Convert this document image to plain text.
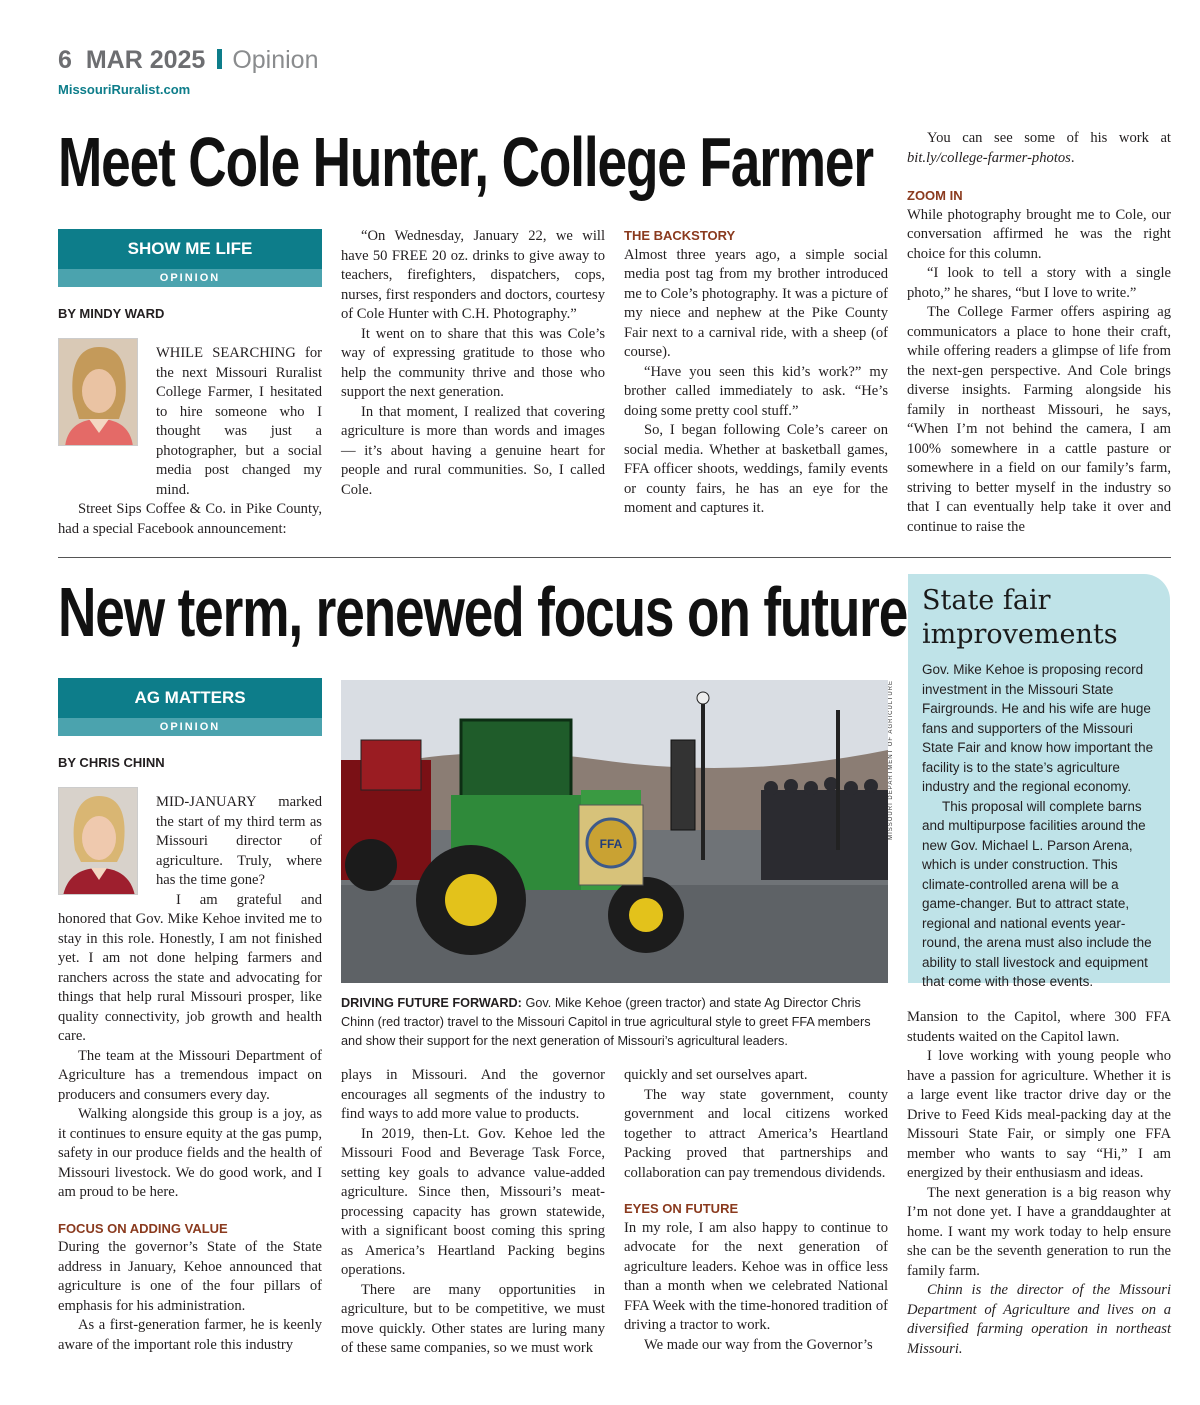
6 MAR 2025 Opinion
MissouriRuralist.com
Meet Cole Hunter, College Farmer
SHOW ME LIFE
OPINION
BY MINDY WARD

WHILE SEARCHING for the next Missouri Ruralist College Farmer, I hesitated to hire someone who I thought was just a photographer, but a social media post changed my mind.

Street Sips Coffee & Co. in Pike County, had a special Facebook announcement:

“On Wednesday, January 22, we will have 50 FREE 20 oz. drinks to give away to teachers, firefighters, dispatchers, cops, nurses, first responders and doctors, courtesy of Cole Hunter with C.H. Photography.”

It went on to share that this was Cole’s way of expressing gratitude to those who help the community thrive and those who support the next generation.

In that moment, I realized that covering agriculture is more than words and images — it’s about having a genuine heart for people and rural communities. So, I called Cole.

THE BACKSTORY

Almost three years ago, a simple social media post tag from my brother introduced me to Cole’s photography. It was a picture of my niece and nephew at the Pike County Fair next to a carnival ride, with a sheep (of course).

“Have you seen this kid’s work?” my brother called immediately to ask. “He’s doing some pretty cool stuff.”

So, I began following Cole’s career on social media. Whether at basketball games, FFA officer shoots, weddings, family events or county fairs, he has an eye for the moment and captures it.

You can see some of his work at bit.ly/college-farmer-photos.

ZOOM IN

While photography brought me to Cole, our conversation affirmed he was the right choice for this column.

“I look to tell a story with a single photo,” he shares, “but I love to write.”

The College Farmer offers aspiring ag communicators a place to hone their craft, while offering readers a glimpse of life from the next-gen perspective. And Cole brings diverse insights. Farming alongside his family in northeast Missouri, he says, “When I’m not behind the camera, I am 100% somewhere in a cattle pasture or somewhere in a field on our family’s farm, striving to better myself in the industry so that I can eventually help take it over and continue to raise the

New term, renewed focus on future State fair improvements

Gov. Mike Kehoe is proposing record investment in the Missouri State Fairgrounds. He and his wife are huge fans and supporters of the Missouri State Fair and know how important the facility is to the state’s agriculture industry and the regional economy.

This proposal will complete barns and multipurpose facilities around the new Gov. Michael L. Parson Arena, which is under construction. This climate-controlled arena will be a game-changer. But to attract state, regional and national events year-round, the arena must also include the ability to stall livestock and equipment that come with those events.

AG MATTERS
OPINION
BY CHRIS CHINN

MID-JANUARY marked the start of my third term as Missouri director of agriculture. Truly, where has the time gone?

I am grateful and honored that Gov. Mike Kehoe invited me to stay in this role. Honestly, I am not finished yet. I am not done helping farmers and ranchers across the state and advocating for things that help rural Missouri prosper, like quality connectivity, job growth and health care.

The team at the Missouri Department of Agriculture has a tremendous impact on producers and consumers every day.

Walking alongside this group is a joy, as it continues to ensure equity at the gas pump, safety in our produce fields and the health of Missouri livestock. We do good work, and I am proud to be here.

FOCUS ON ADDING VALUE

During the governor’s State of the State address in January, Kehoe announced that agriculture is one of the four pillars of emphasis for his administration.

As a first-generation farmer, he is keenly aware of the important role this industry

FFA
MISSOURI DEPARTMENT OF AGRICULTURE
DRIVING FUTURE FORWARD: Gov. Mike Kehoe (green tractor) and state Ag Director Chris Chinn (red tractor) travel to the Missouri Capitol in true agricultural style to greet FFA members and show their support for the next generation of Missouri’s agricultural leaders.

plays in Missouri. And the governor encourages all segments of the industry to find ways to add more value to products.

In 2019, then-Lt. Gov. Kehoe led the Missouri Food and Beverage Task Force, setting key goals to advance value-added agriculture. Since then, Missouri’s meat-processing capacity has grown statewide, with a significant boost coming this spring as America’s Heartland Packing begins operations.

There are many opportunities in agriculture, but to be competitive, we must move quickly. Other states are luring many of these same companies, so we must work

quickly and set ourselves apart.

The way state government, county government and local citizens worked together to attract America’s Heartland Packing proved that partnerships and collaboration can pay tremendous dividends.

EYES ON FUTURE

In my role, I am also happy to continue to advocate for the next generation of agriculture leaders. Kehoe was in office less than a month when we celebrated National FFA Week with the time-honored tradition of driving a tractor to work.

We made our way from the Governor’s

Mansion to the Capitol, where 300 FFA students waited on the Capitol lawn.

I love working with young people who have a passion for agriculture. Whether it is a large event like tractor drive day or the Drive to Feed Kids meal-packing day at the Missouri State Fair, or simply one FFA member who wants to say “Hi,” I am energized by their enthusiasm and ideas.

The next generation is a big reason why I’m not done yet. I have a granddaughter at home. I want my work today to help ensure she can be the seventh generation to run the family farm.

Chinn is the director of the Missouri Department of Agriculture and lives on a diversified farming operation in northeast Missouri.
